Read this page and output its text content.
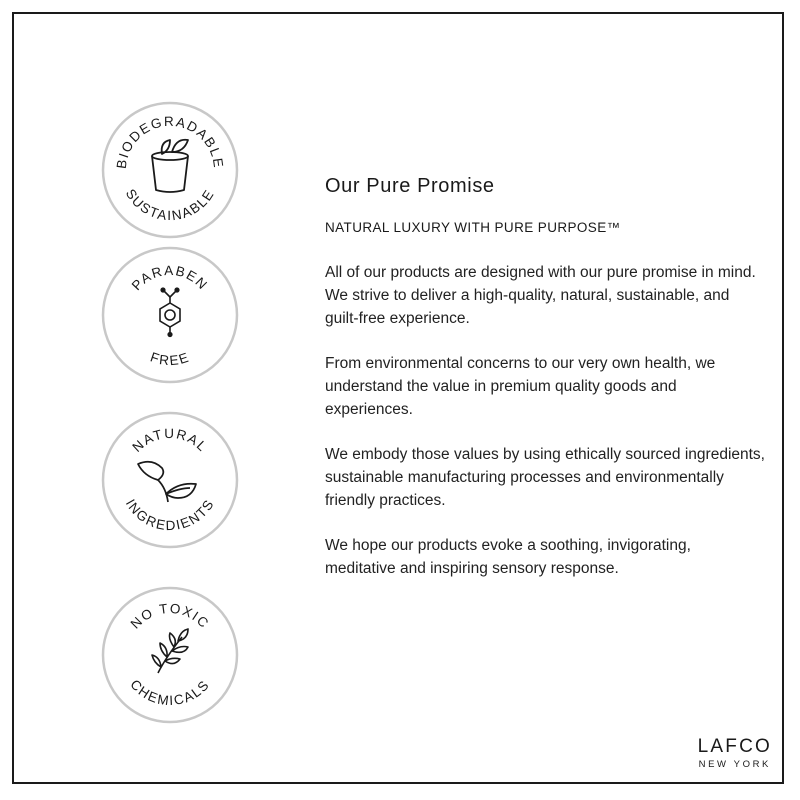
BIODEGRADABLE
SUSTAINABLE
PARABEN
FREE
NATURAL
INGREDIENTS
NO TOXIC
CHEMICALS
Our Pure Promise
NATURAL LUXURY WITH PURE PURPOSE™

All of our products are designed with our pure promise in mind. We strive to deliver a high-quality, natural, sustainable, and guilt-free experience.

From environmental concerns to our very own health, we understand the value in premium quality goods and experiences.

We embody those values by using ethically sourced ingredients, sustainable manufacturing processes and environmentally friendly practices.

We hope our products evoke a soothing, invigorating, meditative and inspiring sensory response.

LAFCO
NEW YORK
